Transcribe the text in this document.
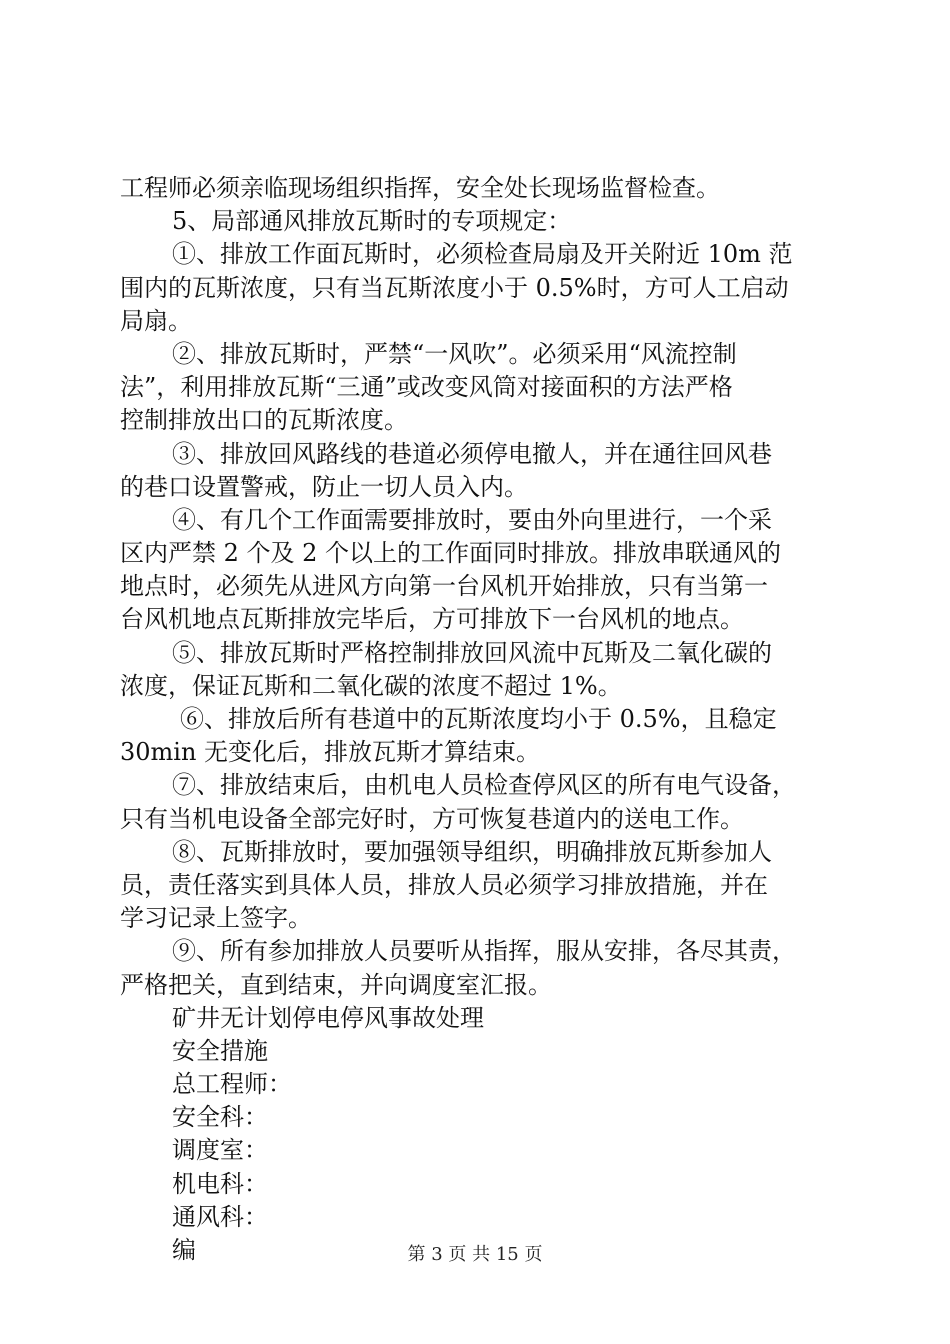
工程师必须亲临现场组织指挥，安全处长现场监督检查。
5、局部通风排放瓦斯时的专项规定：
①、排放工作面瓦斯时，必须检查局扇及开关附近 10m 范
围内的瓦斯浓度，只有当瓦斯浓度小于 0.5%时，方可人工启动
局扇。
②、排放瓦斯时，严禁“一风吹”。必须采用“风流控制
法”，利用排放瓦斯“三通”或改变风筒对接面积的方法严格
控制排放出口的瓦斯浓度。
③、排放回风路线的巷道必须停电撤人，并在通往回风巷
的巷口设置警戒，防止一切人员入内。
④、有几个工作面需要排放时，要由外向里进行，一个采
区内严禁 2 个及 2 个以上的工作面同时排放。排放串联通风的
地点时，必须先从进风方向第一台风机开始排放，只有当第一
台风机地点瓦斯排放完毕后，方可排放下一台风机的地点。
⑤、排放瓦斯时严格控制排放回风流中瓦斯及二氧化碳的
浓度，保证瓦斯和二氧化碳的浓度不超过 1%。
⑥、排放后所有巷道中的瓦斯浓度均小于 0.5%，且稳定
30min 无变化后，排放瓦斯才算结束。
⑦、排放结束后，由机电人员检查停风区的所有电气设备，
只有当机电设备全部完好时，方可恢复巷道内的送电工作。
⑧、瓦斯排放时，要加强领导组织，明确排放瓦斯参加人
员，责任落实到具体人员，排放人员必须学习排放措施，并在
学习记录上签字。
⑨、所有参加排放人员要听从指挥，服从安排，各尽其责，
严格把关，直到结束，并向调度室汇报。
矿井无计划停电停风事故处理
安全措施
总工程师：
安全科：
调度室：
机电科：
通风科：
编	第 3 页 共 15 页
